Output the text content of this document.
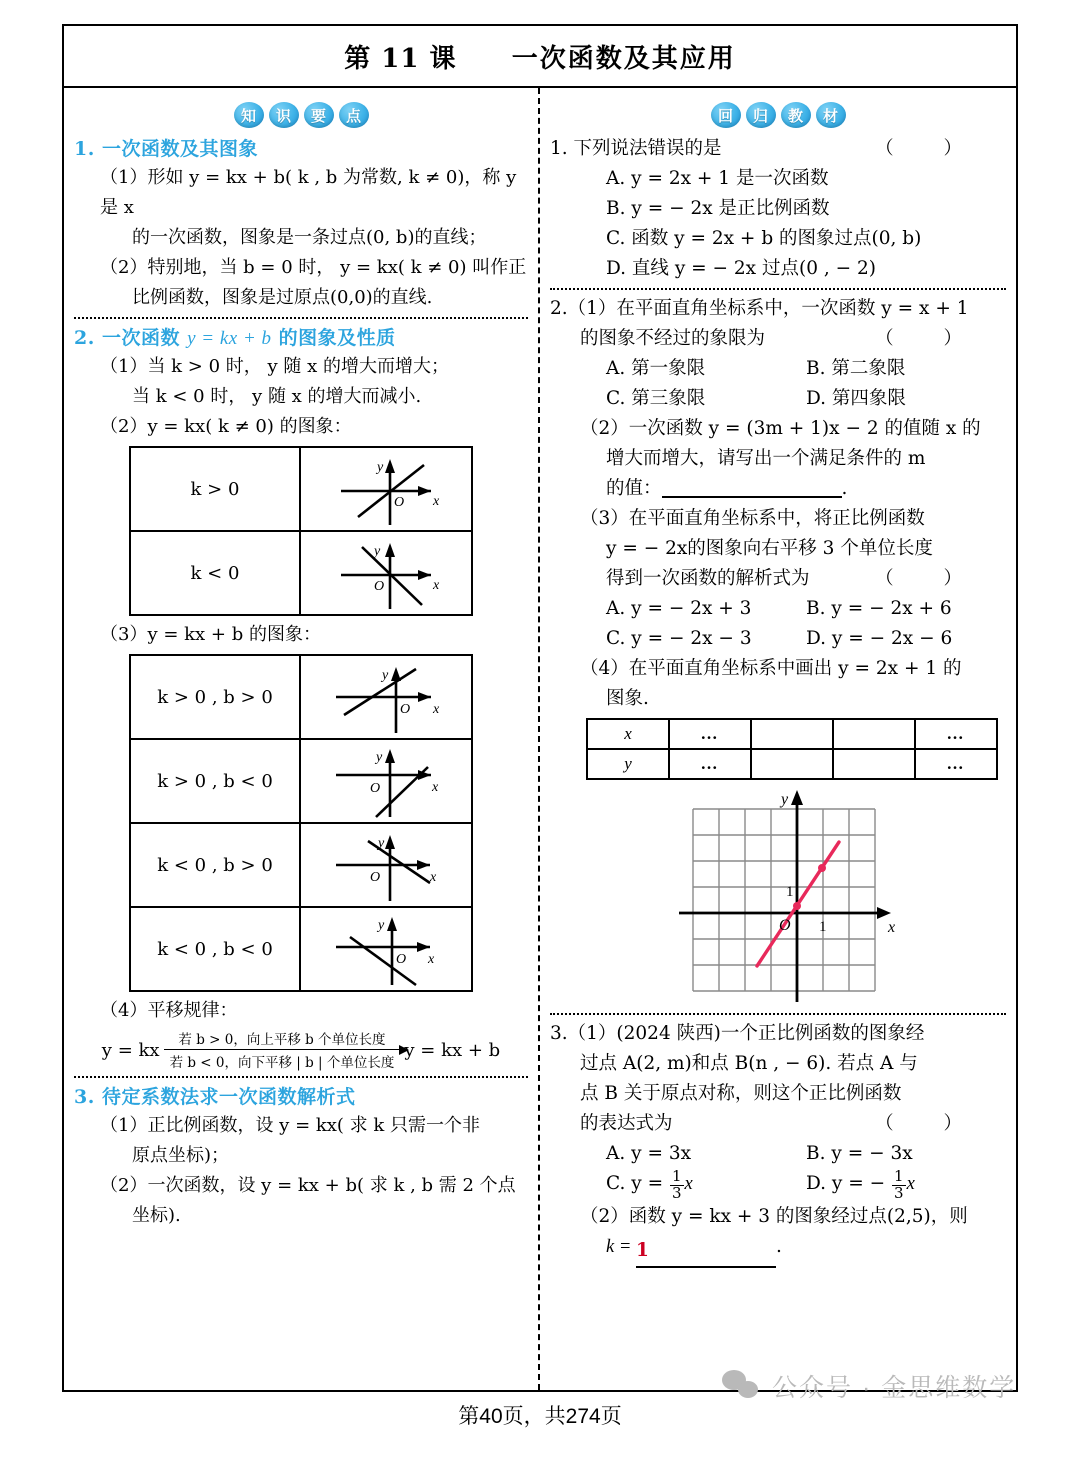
第 11 课 一次函数及其应用
知	识	要	点
1. 一次函数及其图象
（1）形如 y = kx + b( k , b 为常数, k ≠ 0)，称 y 是 x
的一次函数，图象是一条过点(0, b)的直线；
（2）特别地，当 b = 0 时， y = kx( k ≠ 0) 叫作正
比例函数，图象是过原点(0,0)的直线.
2. 一次函数 y = kx + b 的图象及性质
（1）当 k > 0 时， y 随 x 的增大而增大；
当 k < 0 时， y 随 x 的增大而减小.
（2）y = kx( k ≠ 0) 的图象：
k > 0	y
x
O

k < 0	y
x
O
（3）y = kx + b 的图象：
k > 0 , b > 0	y
x
O

k > 0 , b < 0	y
x
O

k < 0 , b > 0	y
x
O

k < 0 , b < 0	y
x
O
（4）平移规律：
y = kx	若 b > 0，向上平移 b 个单位长度
若 b < 0，向下平移 | b | 个单位长度
y = kx + b
3. 待定系数法求一次函数解析式
（1）正比例函数，设 y = kx( 求 k 只需一个非
原点坐标)；
（2）一次函数，设 y = kx + b( 求 k , b 需 2 个点
坐标).
回	归	教	材
（ ）
1. 下列说法错误的是
A. y = 2x + 1 是一次函数
B. y = − 2x 是正比例函数
C. 函数 y = 2x + b 的图象过点(0, b)
D. 直线 y = − 2x 过点(0 , − 2)
2.（1）在平面直角坐标系中，一次函数 y = x + 1
（ ）
的图象不经过的象限为
A. 第一象限	B. 第二象限
C. 第三象限	D. 第四象限
（2）一次函数 y = (3m + 1)x − 2 的值随 x 的
增大而增大，请写出一个满足条件的 m
的值：	.
（3）在平面直角坐标系中，将正比例函数
y = − 2x的图象向右平移 3 个单位长度
（ ）
得到一次函数的解析式为
A. y = − 2x + 3	B. y = − 2x + 6
C. y = − 2x − 3	D. y = − 2x − 6
（4）在平面直角坐标系中画出 y = 2x + 1 的
图象.
x	…			…
y	…			…
y
x
O
1
1
3.（1）(2024 陕西)一个正比例函数的图象经
过点 A(2, m)和点 B(n , − 6). 若点 A 与
点 B 关于原点对称，则这个正比例函数
（ ）
的表达式为
A. y = 3x	B. y = − 3x
C. $y = \frac{1}{3}$ x	D. y = − $\frac{1}{3}$ x
（2）函数 y = kx + 3 的图象经过点(2,5)，则
k = 1	.
公众号 · 金思维数学
第40页，共274页
